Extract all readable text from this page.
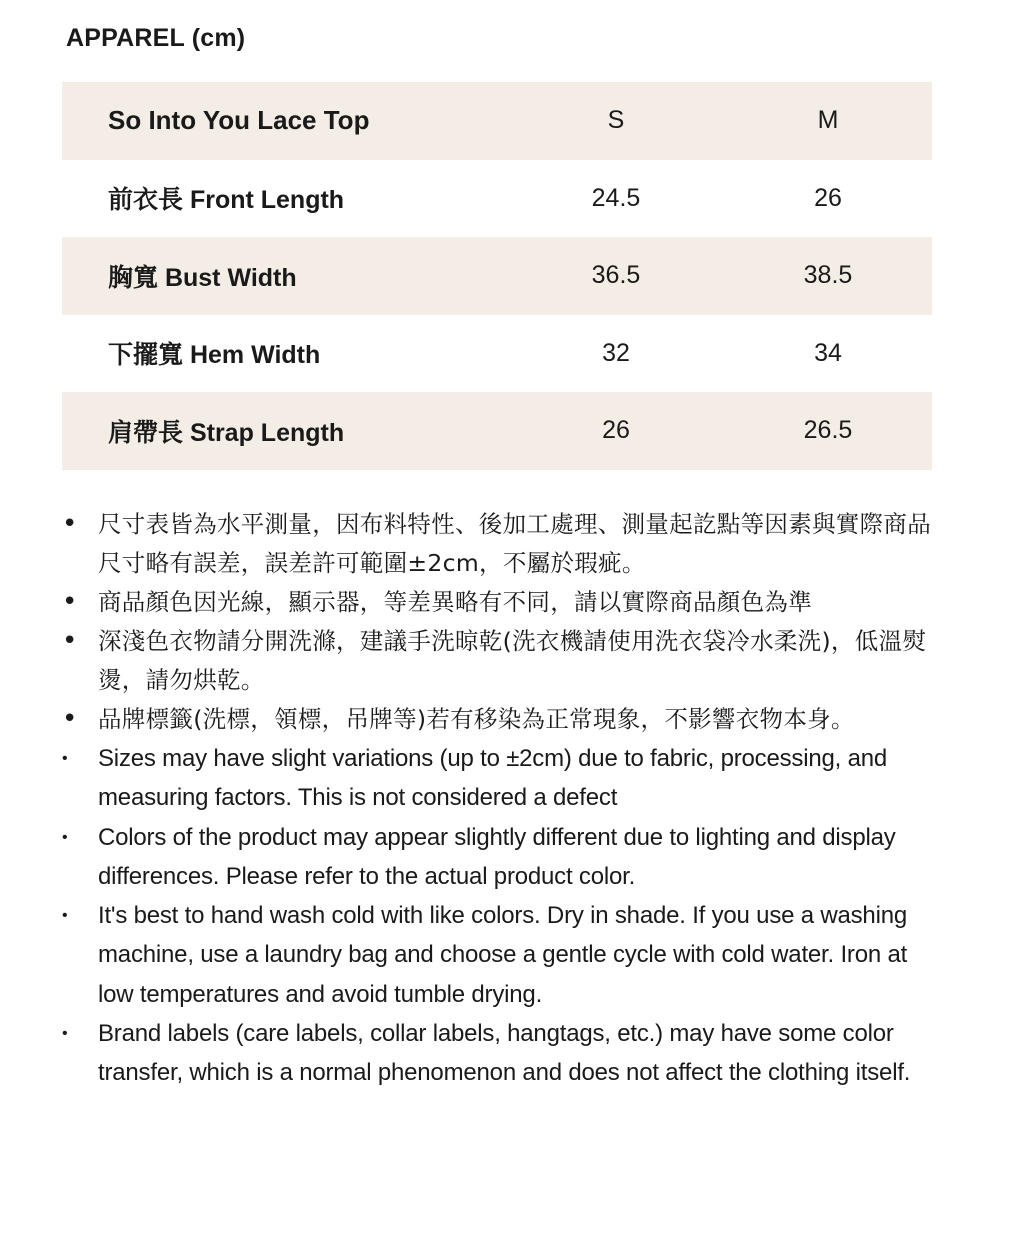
APPAREL (cm)
So Into You Lace Top	S	M
前衣長 Front Length	24.5	26
胸寬 Bust Width	36.5	38.5
下擺寬 Hem Width	32	34
肩帶長 Strap Length	26	26.5
• 尺寸表皆為水平測量，因布料特性、後加工處理、測量起訖點等因素與實際商品尺寸略有誤差，誤差許可範圍±2cm，不屬於瑕疵。
• 商品顏色因光線，顯示器，等差異略有不同，請以實際商品顏色為準
• 深淺色衣物請分開洗滌，建議手洗晾乾(洗衣機請使用洗衣袋冷水柔洗)，低溫熨燙，請勿烘乾。
• 品牌標籤(洗標，領標，吊牌等)若有移染為正常現象，不影響衣物本身。
• Sizes may have slight variations (up to ±2cm) due to fabric, processing, and measuring factors. This is not considered a defect
• Colors of the product may appear slightly different due to lighting and display differences. Please refer to the actual product color.
• It's best to hand wash cold with like colors. Dry in shade. If you use a washing machine, use a laundry bag and choose a gentle cycle with cold water. Iron at low temperatures and avoid tumble drying.
• Brand labels (care labels, collar labels, hangtags, etc.) may have some color transfer, which is a normal phenomenon and does not affect the clothing itself.
